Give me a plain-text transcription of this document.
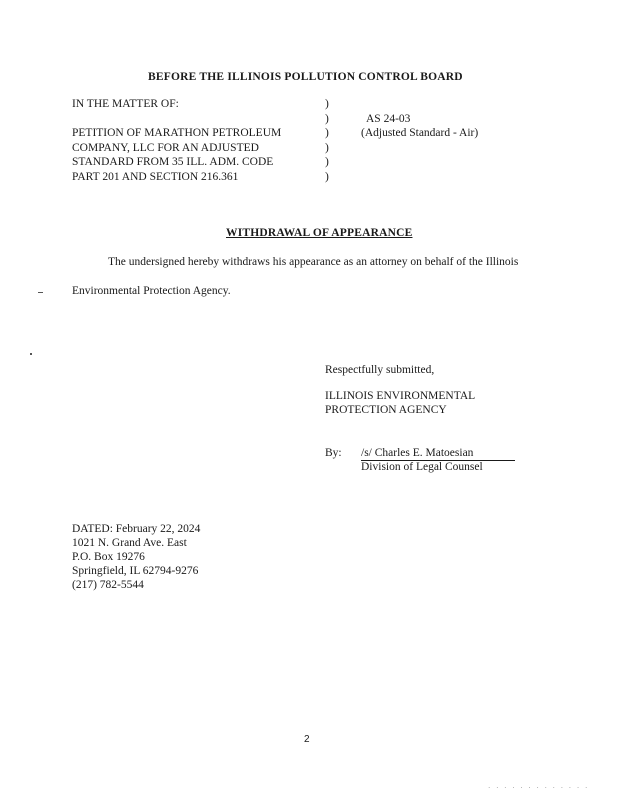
BEFORE THE ILLINOIS POLLUTION CONTROL BOARD
IN THE MATTER OF:
PETITION OF MARATHON PETROLEUM
COMPANY, LLC FOR AN ADJUSTED
STANDARD FROM 35 ILL. ADM. CODE
PART 201 AND SECTION 216.361
)
)
)
)
)
)
AS 24-03
(Adjusted Standard - Air)
WITHDRAWAL OF APPEARANCE
The undersigned hereby withdraws his appearance as an attorney on behalf of the Illinois
Environmental Protection Agency.
Respectfully submitted,
ILLINOIS ENVIRONMENTAL
PROTECTION AGENCY
By: /s/ Charles E. Matoesian
Division of Legal Counsel
DATED: February 22, 2024
1021 N. Grand Ave. East
P.O. Box 19276
Springfield, IL 62794-9276
(217) 782-5544
2
· · · · · · · · · · · · ·
